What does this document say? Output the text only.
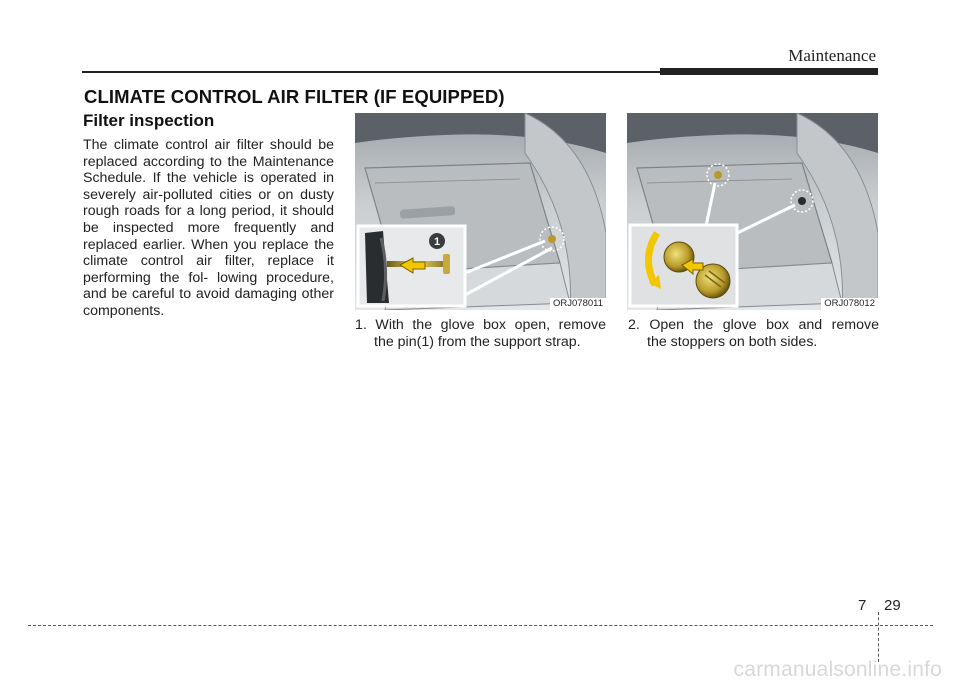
Maintenance
CLIMATE CONTROL AIR FILTER (IF EQUIPPED)
Filter inspection
The climate control air filter should be replaced according to the Maintenance Schedule. If the vehicle is operated in severely air-polluted cities or on dusty rough roads for a long period, it should be inspected more frequently and replaced earlier. When you replace the climate control air filter, replace it performing the fol- lowing procedure, and be careful to avoid damaging other components.
1
ORJ078011	ORJ078012
1. With the glove box open, remove
the pin(1) from the support strap.
2. Open the glove box and remove
the stoppers on both sides.
7 29
carmanualsonline.info
